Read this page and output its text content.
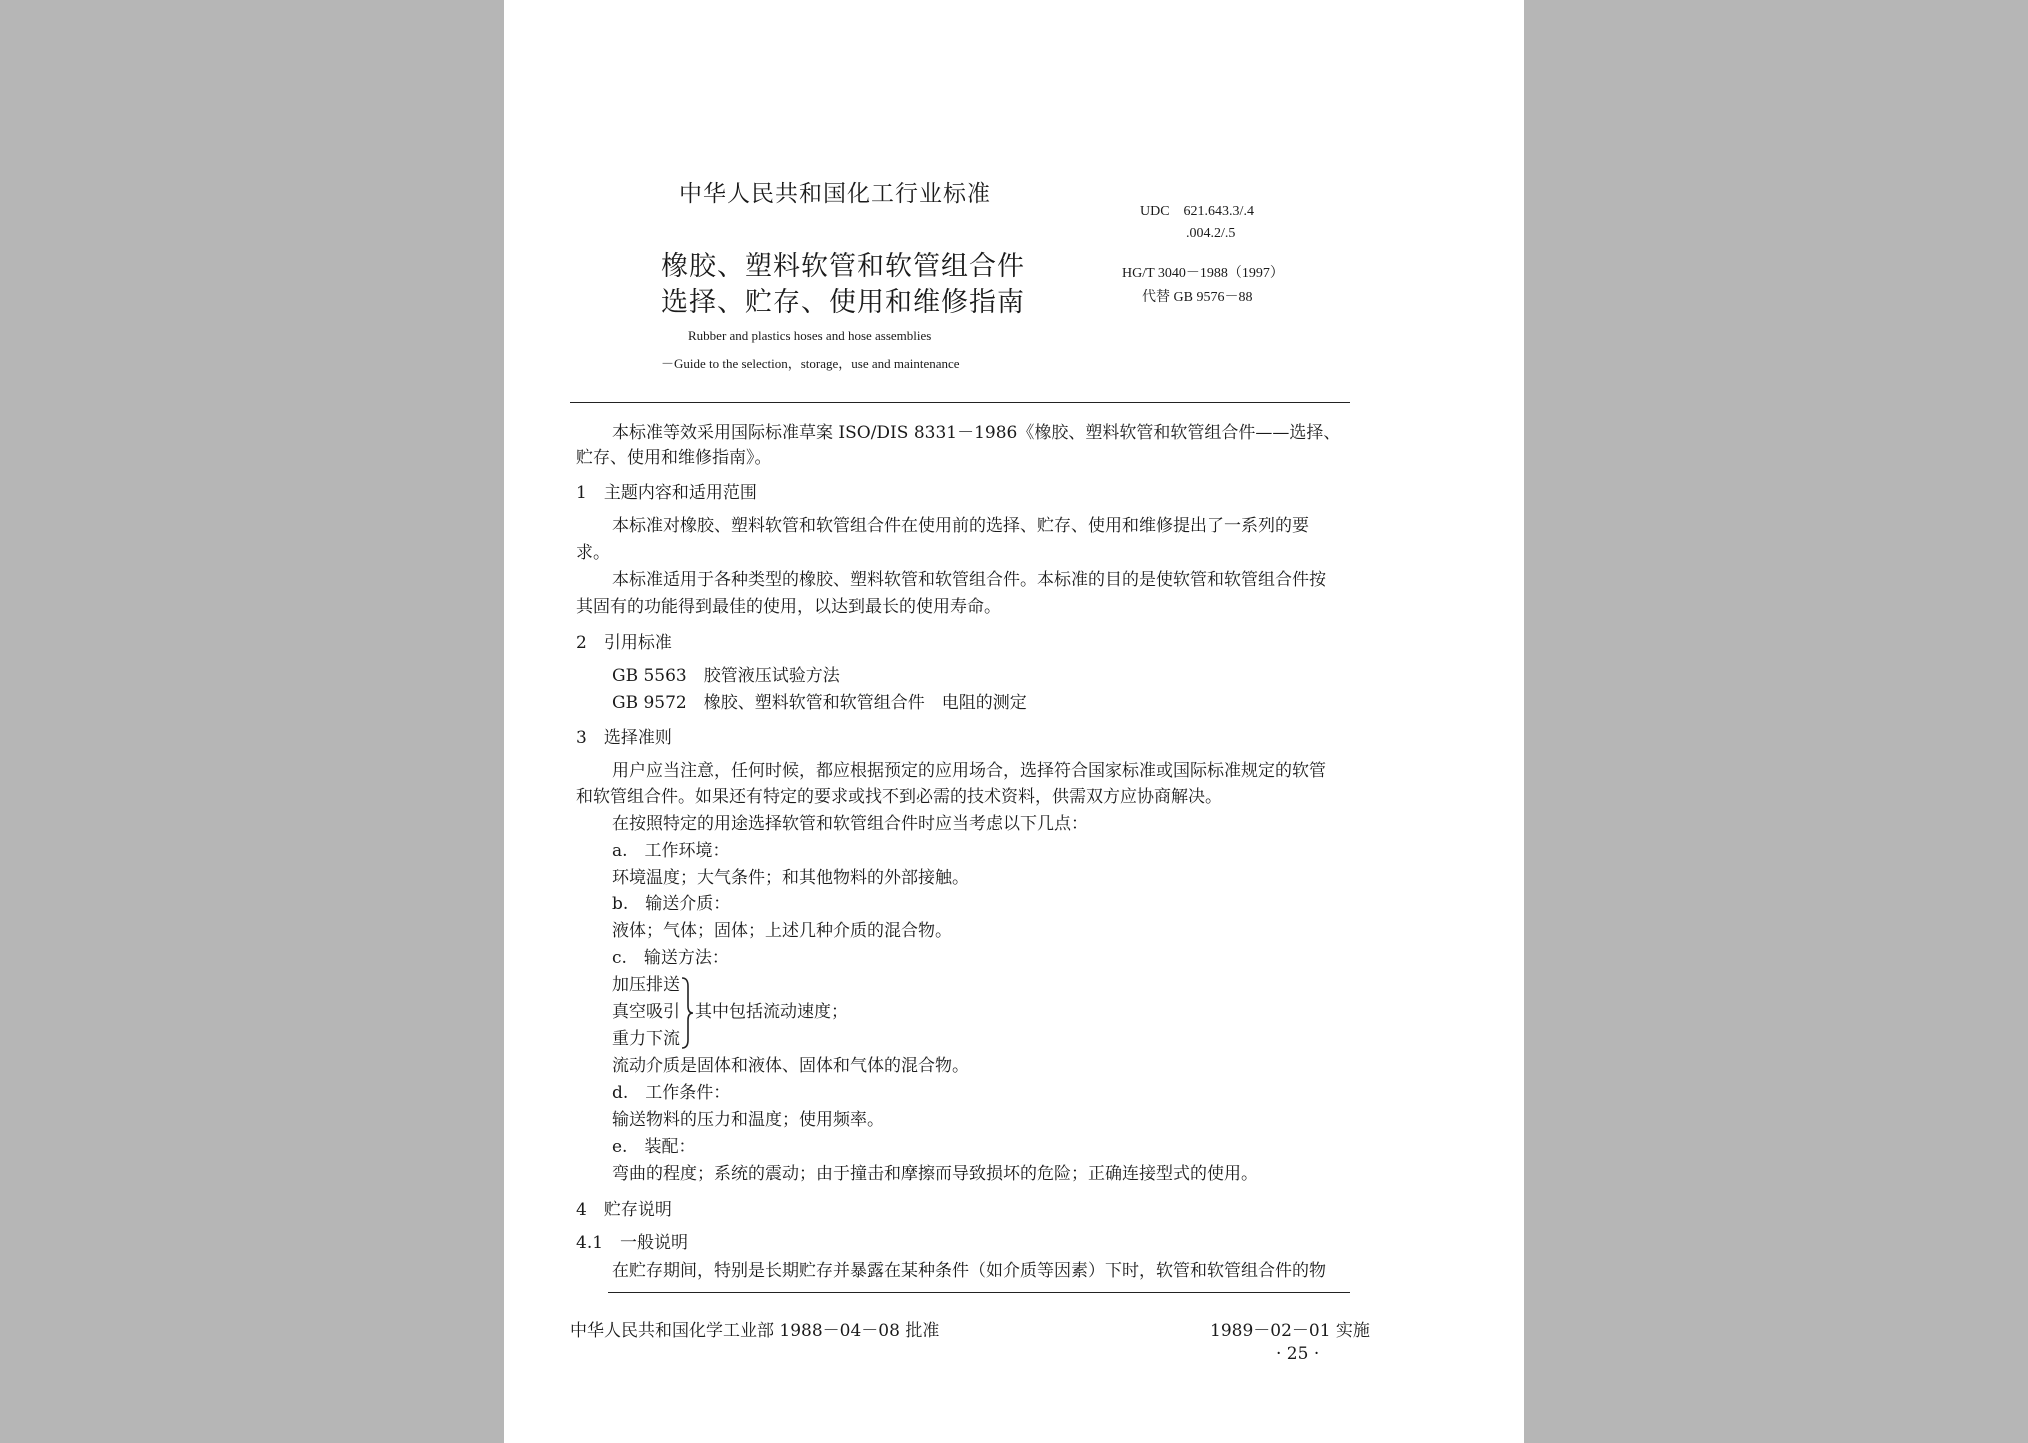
中华人民共和国化工行业标准
橡胶、塑料软管和软管组合件
选择、贮存、使用和维修指南
Rubber and plastics hoses and hose assemblies
－Guide to the selection，storage，use and maintenance
UDC　621.643.3/.4
.004.2/.5
HG/T 3040－1988（1997）
代替 GB 9576－88
本标准等效采用国际标准草案 ISO/DIS 8331－1986《橡胶、塑料软管和软管组合件——选择、
贮存、使用和维修指南》。
1　主题内容和适用范围
本标准对橡胶、塑料软管和软管组合件在使用前的选择、贮存、使用和维修提出了一系列的要
求。
本标准适用于各种类型的橡胶、塑料软管和软管组合件。本标准的目的是使软管和软管组合件按
其固有的功能得到最佳的使用，以达到最长的使用寿命。
2　引用标准
GB 5563　胶管液压试验方法
GB 9572　橡胶、塑料软管和软管组合件　电阻的测定
3　选择准则
用户应当注意，任何时候，都应根据预定的应用场合，选择符合国家标准或国际标准规定的软管
和软管组合件。如果还有特定的要求或找不到必需的技术资料，供需双方应协商解决。
在按照特定的用途选择软管和软管组合件时应当考虑以下几点：
a.　工作环境：
环境温度；大气条件；和其他物料的外部接触。
b.　输送介质：
液体；气体；固体；上述几种介质的混合物。
c.　输送方法：
加压排送
真空吸引
重力下流
其中包括流动速度；
流动介质是固体和液体、固体和气体的混合物。
d.　工作条件：
输送物料的压力和温度；使用频率。
e.　装配：
弯曲的程度；系统的震动；由于撞击和摩擦而导致损坏的危险；正确连接型式的使用。
4　贮存说明
4.1　一般说明
在贮存期间，特别是长期贮存并暴露在某种条件（如介质等因素）下时，软管和软管组合件的物
中华人民共和国化学工业部 1988－04－08 批准	1989－02－01 实施
· 25 ·
